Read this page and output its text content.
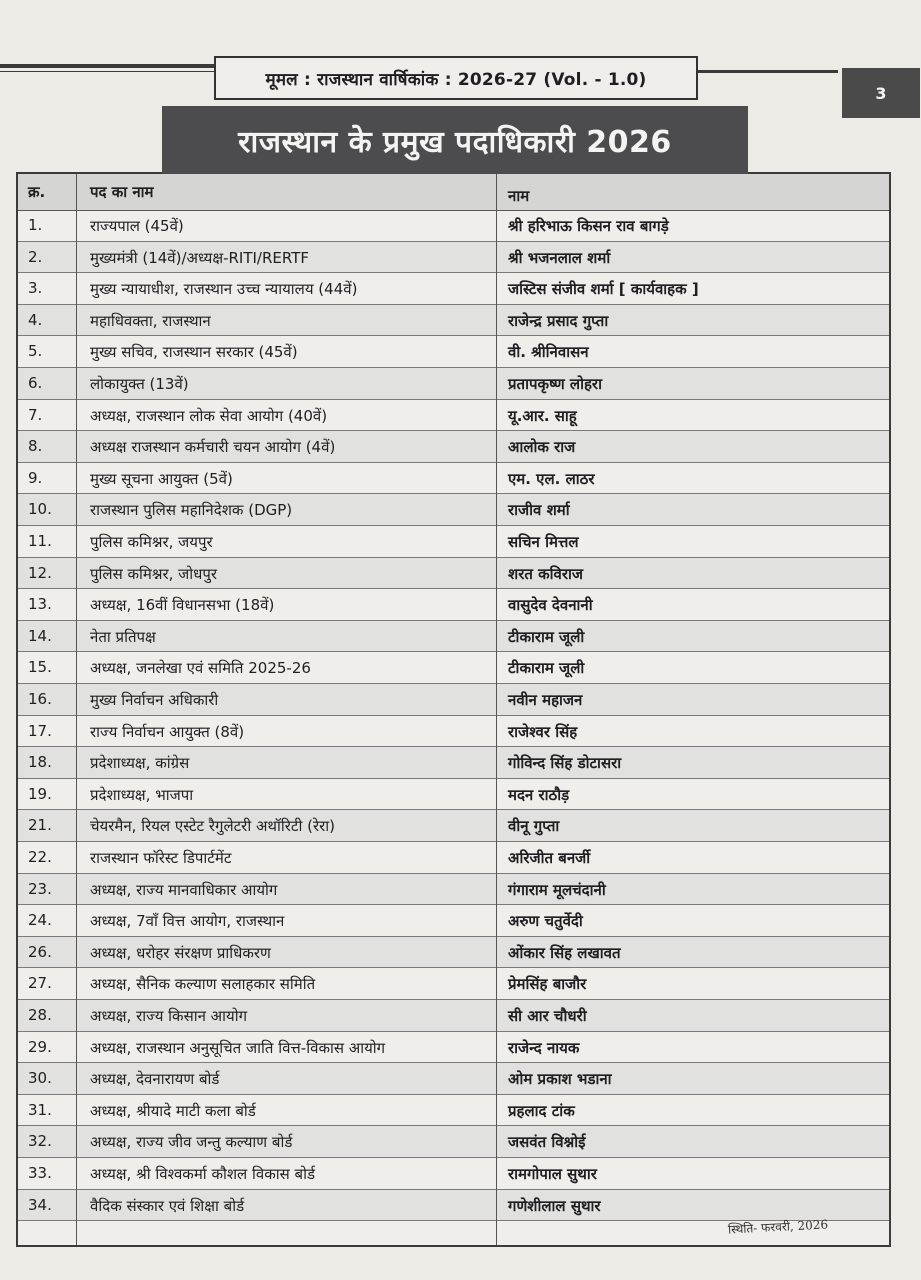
मूमल : राजस्थान वार्षिकांक : 2026-27 (Vol. - 1.0)
3
क्र.	पद का नाम	नाम
1.	राज्यपाल (45वें)	श्री हरिभाऊ किसन राव बागड़े
2.	मुख्यमंत्री (14वें)/अध्यक्ष-RITI/RERTF	श्री भजनलाल शर्मा
3.	मुख्य न्यायाधीश, राजस्थान उच्च न्यायालय (44वें)	जस्टिस संजीव शर्मा [ कार्यवाहक ]
4.	महाधिवक्ता, राजस्थान	राजेन्द्र प्रसाद गुप्ता
5.	मुख्य सचिव, राजस्थान सरकार (45वें)	वी. श्रीनिवासन
6.	लोकायुक्त (13वें)	प्रतापकृष्ण लोहरा
7.	अध्यक्ष, राजस्थान लोक सेवा आयोग (40वें)	यू.आर. साहू
8.	अध्यक्ष राजस्थान कर्मचारी चयन आयोग (4वें)	आलोक राज
9.	मुख्य सूचना आयुक्त (5वें)	एम. एल. लाठर
10.	राजस्थान पुलिस महानिदेशक (DGP)	राजीव शर्मा
11.	पुलिस कमिश्नर, जयपुर	सचिन मित्तल
12.	पुलिस कमिश्नर, जोधपुर	शरत कविराज
13.	अध्यक्ष, 16वीं विधानसभा (18वें)	वासुदेव देवनानी
14.	नेता प्रतिपक्ष	टीकाराम जूली
15.	अध्यक्ष, जनलेखा एवं समिति 2025-26	टीकाराम जूली
16.	मुख्य निर्वाचन अधिकारी	नवीन महाजन
17.	राज्य निर्वाचन आयुक्त (8वें)	राजेश्वर सिंह
18.	प्रदेशाध्यक्ष, कांग्रेस	गोविन्द सिंह डोटासरा
19.	प्रदेशाध्यक्ष, भाजपा	मदन राठौड़
21.	चेयरमैन, रियल एस्टेट रैगुलेटरी अथॉरिटी (रेरा)	वीनू गुप्ता
22.	राजस्थान फॉरेस्ट डिपार्टमेंट	अरिजीत बनर्जी
23.	अध्यक्ष, राज्य मानवाधिकार आयोग	गंगाराम मूलचंदानी
24.	अध्यक्ष, 7वाँ वित्त आयोग, राजस्थान	अरुण चतुर्वेदी
26.	अध्यक्ष, धरोहर संरक्षण प्राधिकरण	ओंकार सिंह लखावत
27.	अध्यक्ष, सैनिक कल्याण सलाहकार समिति	प्रेमसिंह बाजौर
28.	अध्यक्ष, राज्य किसान आयोग	सी आर चौधरी
29.	अध्यक्ष, राजस्थान अनुसूचित जाति वित्त-विकास आयोग	राजेन्द नायक
30.	अध्यक्ष, देवनारायण बोर्ड	ओम प्रकाश भडाना
31.	अध्यक्ष, श्रीयादे माटी कला बोर्ड	प्रहलाद टांक
32.	अध्यक्ष, राज्य जीव जन्तु कल्याण बोर्ड	जसवंत विश्नोई
33.	अध्यक्ष, श्री विश्वकर्मा कौशल विकास बोर्ड	रामगोपाल सुथार
34.	वैदिक संस्कार एवं शिक्षा बोर्ड	गणेशीलाल सुथार
राजस्थान के प्रमुख पदाधिकारी 2026
स्थिति- फरवरी, 2026
